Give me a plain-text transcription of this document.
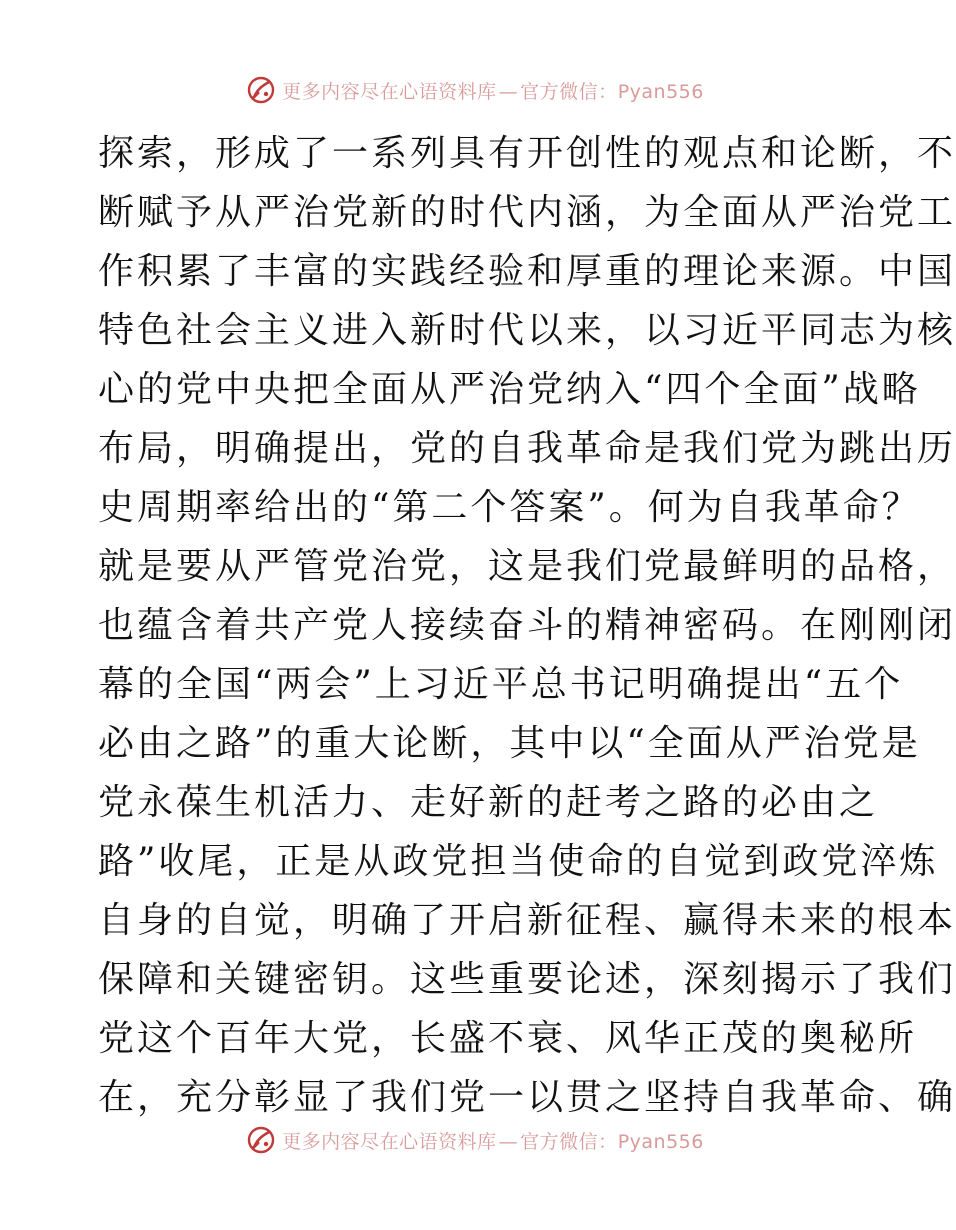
更多内容尽在心语资料库 — 官方微信：Pyan556
探索，形成了一系列具有开创性的观点和论断，不
断赋予从严治党新的时代内涵，为全面从严治党工
作积累了丰富的实践经验和厚重的理论来源。中国
特色社会主义进入新时代以来，以习近平同志为核
心的党中央把全面从严治党纳入“四个全面”战略
布局，明确提出，党的自我革命是我们党为跳出历
史周期率给出的“第二个答案”。何为自我革命？
就是要从严管党治党，这是我们党最鲜明的品格，
也蕴含着共产党人接续奋斗的精神密码。在刚刚闭
幕的全国“两会”上习近平总书记明确提出“五个
必由之路”的重大论断，其中以“全面从严治党是
党永葆生机活力、走好新的赶考之路的必由之
路”收尾，正是从政党担当使命的自觉到政党淬炼
自身的自觉，明确了开启新征程、赢得未来的根本
保障和关键密钥。这些重要论述，深刻揭示了我们
党这个百年大党，长盛不衰、风华正茂的奥秘所
在，充分彰显了我们党一以贯之坚持自我革命、确
更多内容尽在心语资料库 — 官方微信：Pyan556
